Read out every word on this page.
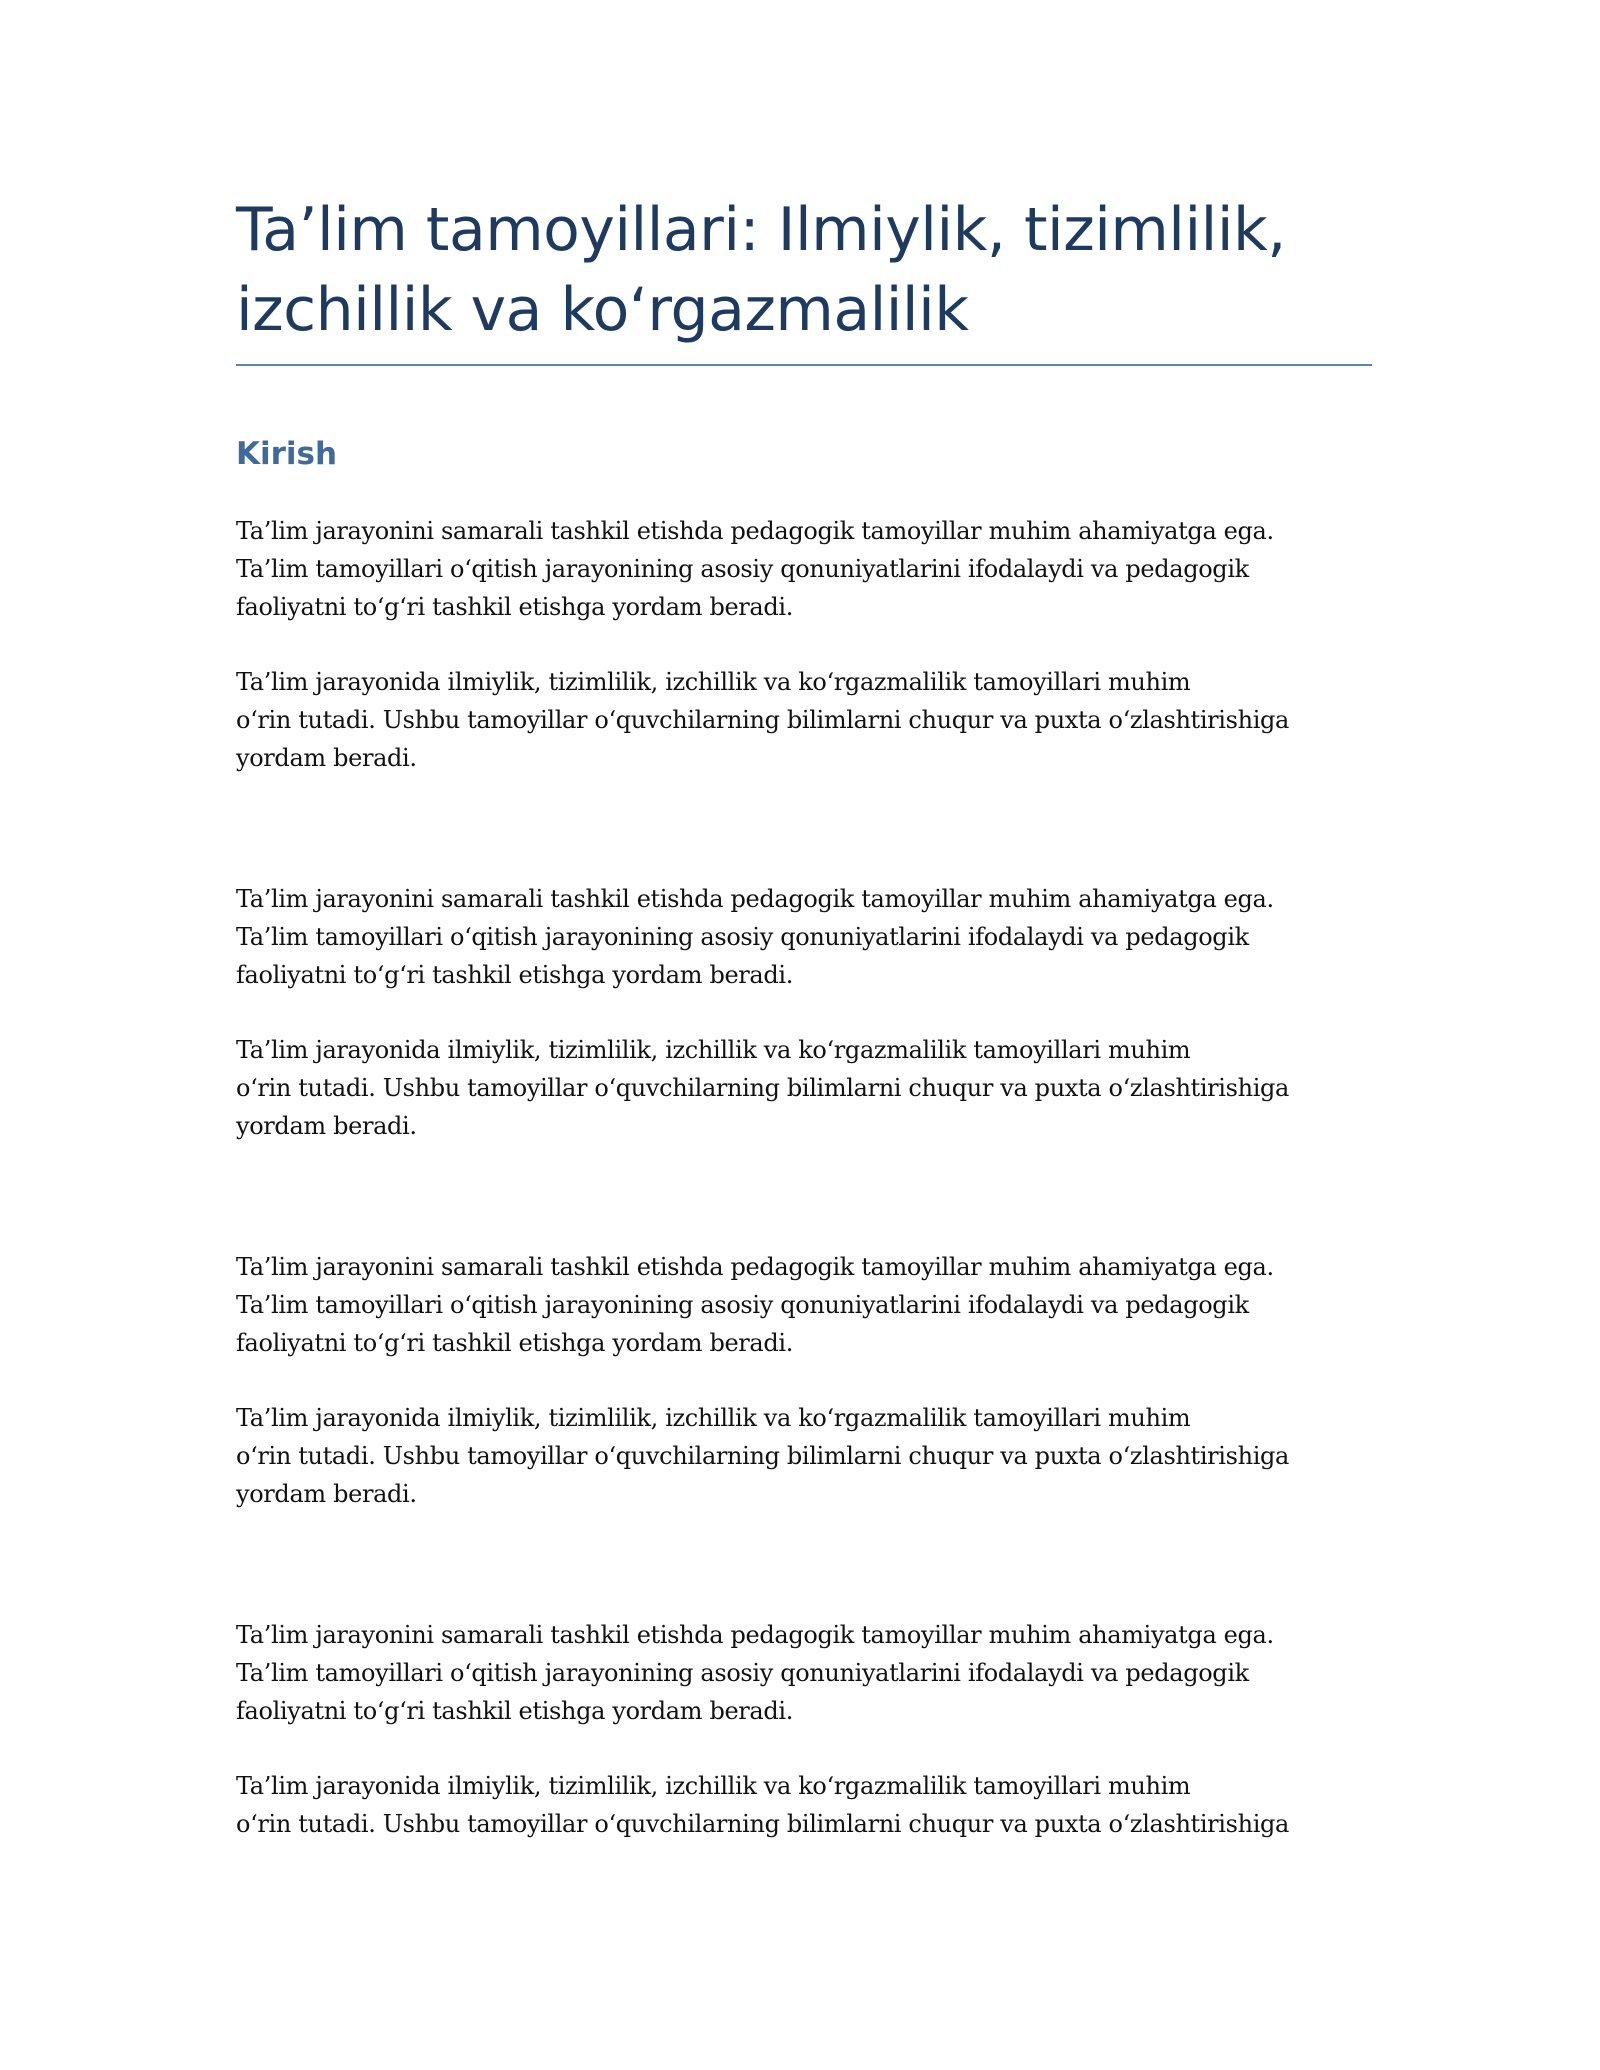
Ta’lim tamoyillari: Ilmiylik, tizimlilik,
izchillik va ko‘rgazmalilik
Kirish

Ta’lim jarayonini samarali tashkil etishda pedagogik tamoyillar muhim ahamiyatga ega.
Ta’lim tamoyillari o‘qitish jarayonining asosiy qonuniyatlarini ifodalaydi va pedagogik
faoliyatni to‘g‘ri tashkil etishga yordam beradi.

Ta’lim jarayonida ilmiylik, tizimlilik, izchillik va ko‘rgazmalilik tamoyillari muhim
o‘rin tutadi. Ushbu tamoyillar o‘quvchilarning bilimlarni chuqur va puxta o‘zlashtirishiga
yordam beradi.

Ta’lim jarayonini samarali tashkil etishda pedagogik tamoyillar muhim ahamiyatga ega.
Ta’lim tamoyillari o‘qitish jarayonining asosiy qonuniyatlarini ifodalaydi va pedagogik
faoliyatni to‘g‘ri tashkil etishga yordam beradi.

Ta’lim jarayonida ilmiylik, tizimlilik, izchillik va ko‘rgazmalilik tamoyillari muhim
o‘rin tutadi. Ushbu tamoyillar o‘quvchilarning bilimlarni chuqur va puxta o‘zlashtirishiga
yordam beradi.

Ta’lim jarayonini samarali tashkil etishda pedagogik tamoyillar muhim ahamiyatga ega.
Ta’lim tamoyillari o‘qitish jarayonining asosiy qonuniyatlarini ifodalaydi va pedagogik
faoliyatni to‘g‘ri tashkil etishga yordam beradi.

Ta’lim jarayonida ilmiylik, tizimlilik, izchillik va ko‘rgazmalilik tamoyillari muhim
o‘rin tutadi. Ushbu tamoyillar o‘quvchilarning bilimlarni chuqur va puxta o‘zlashtirishiga
yordam beradi.

Ta’lim jarayonini samarali tashkil etishda pedagogik tamoyillar muhim ahamiyatga ega.
Ta’lim tamoyillari o‘qitish jarayonining asosiy qonuniyatlarini ifodalaydi va pedagogik
faoliyatni to‘g‘ri tashkil etishga yordam beradi.

Ta’lim jarayonida ilmiylik, tizimlilik, izchillik va ko‘rgazmalilik tamoyillari muhim
o‘rin tutadi. Ushbu tamoyillar o‘quvchilarning bilimlarni chuqur va puxta o‘zlashtirishiga
